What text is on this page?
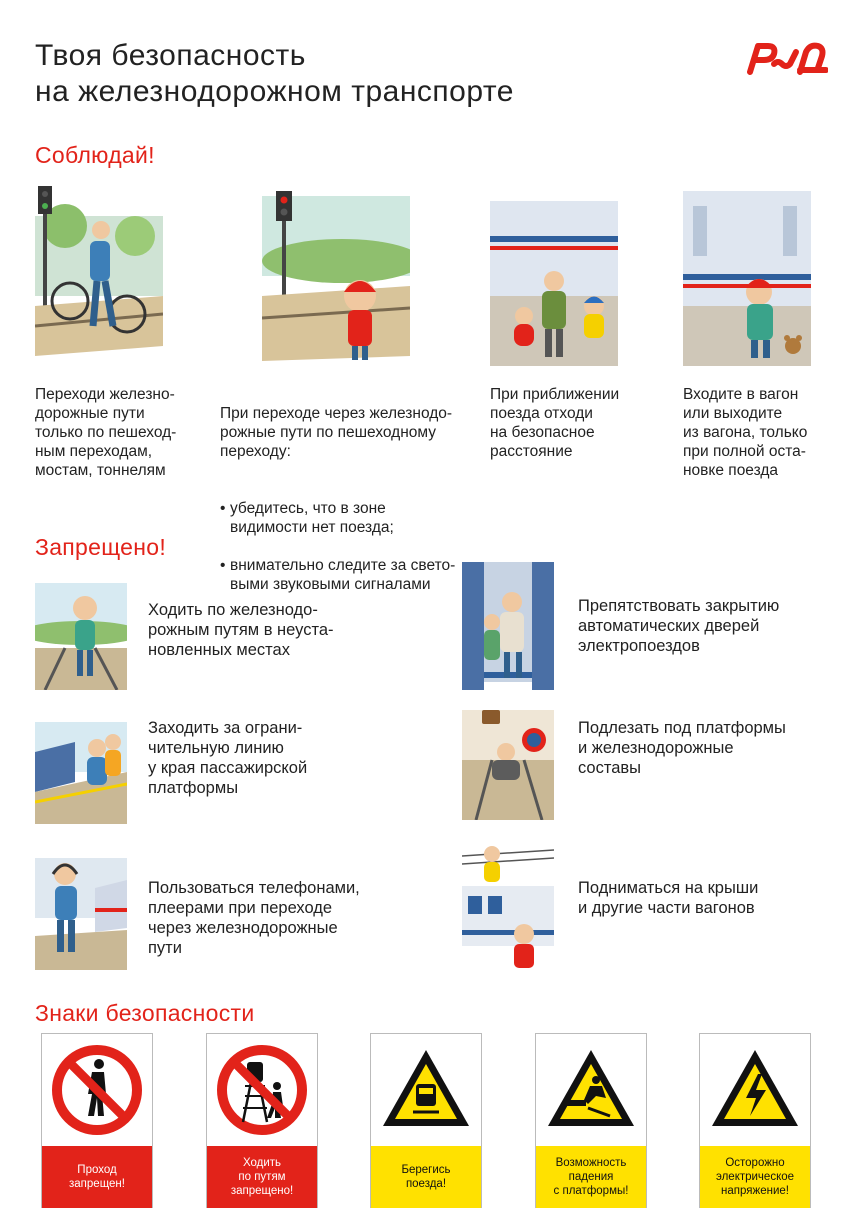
Твоя безопасность
на железнодорожном транспорте
Соблюдай!
Переходи железно-
дорожные пути
только по пешеход-
ным переходам,
мостам, тоннелям

При переходе через железнодо-
рожные пути по пешеходному
переходу:

• убедитесь, что в зоне
видимости нет поезда;

• внимательно следите за свето-
выми звуковыми сигналами

При приближении
поезда отходи
на безопасное
расстояние
Входите в вагон
или выходите
из вагона, только
при полной оста-
новке поезда
Запрещено!
Ходить по железнодо-
рожным путям в неуста-
новленных местах
Препятствовать закрытию
автоматических дверей
электропоездов
Заходить за ограни-
чительную линию
у края пассажирской
платформы
Подлезать под платформы
и железнодорожные
составы
Пользоваться телефонами,
плеерами при переходе
через железнодорожные
пути
Подниматься на крыши
и другие части вагонов
Знаки безопасности
Проход
запрещен!
Ходить
по путям
запрещено!
Берегись
поезда!
Возможность
падения
с платформы!
Осторожно
электрическое
напряжение!
